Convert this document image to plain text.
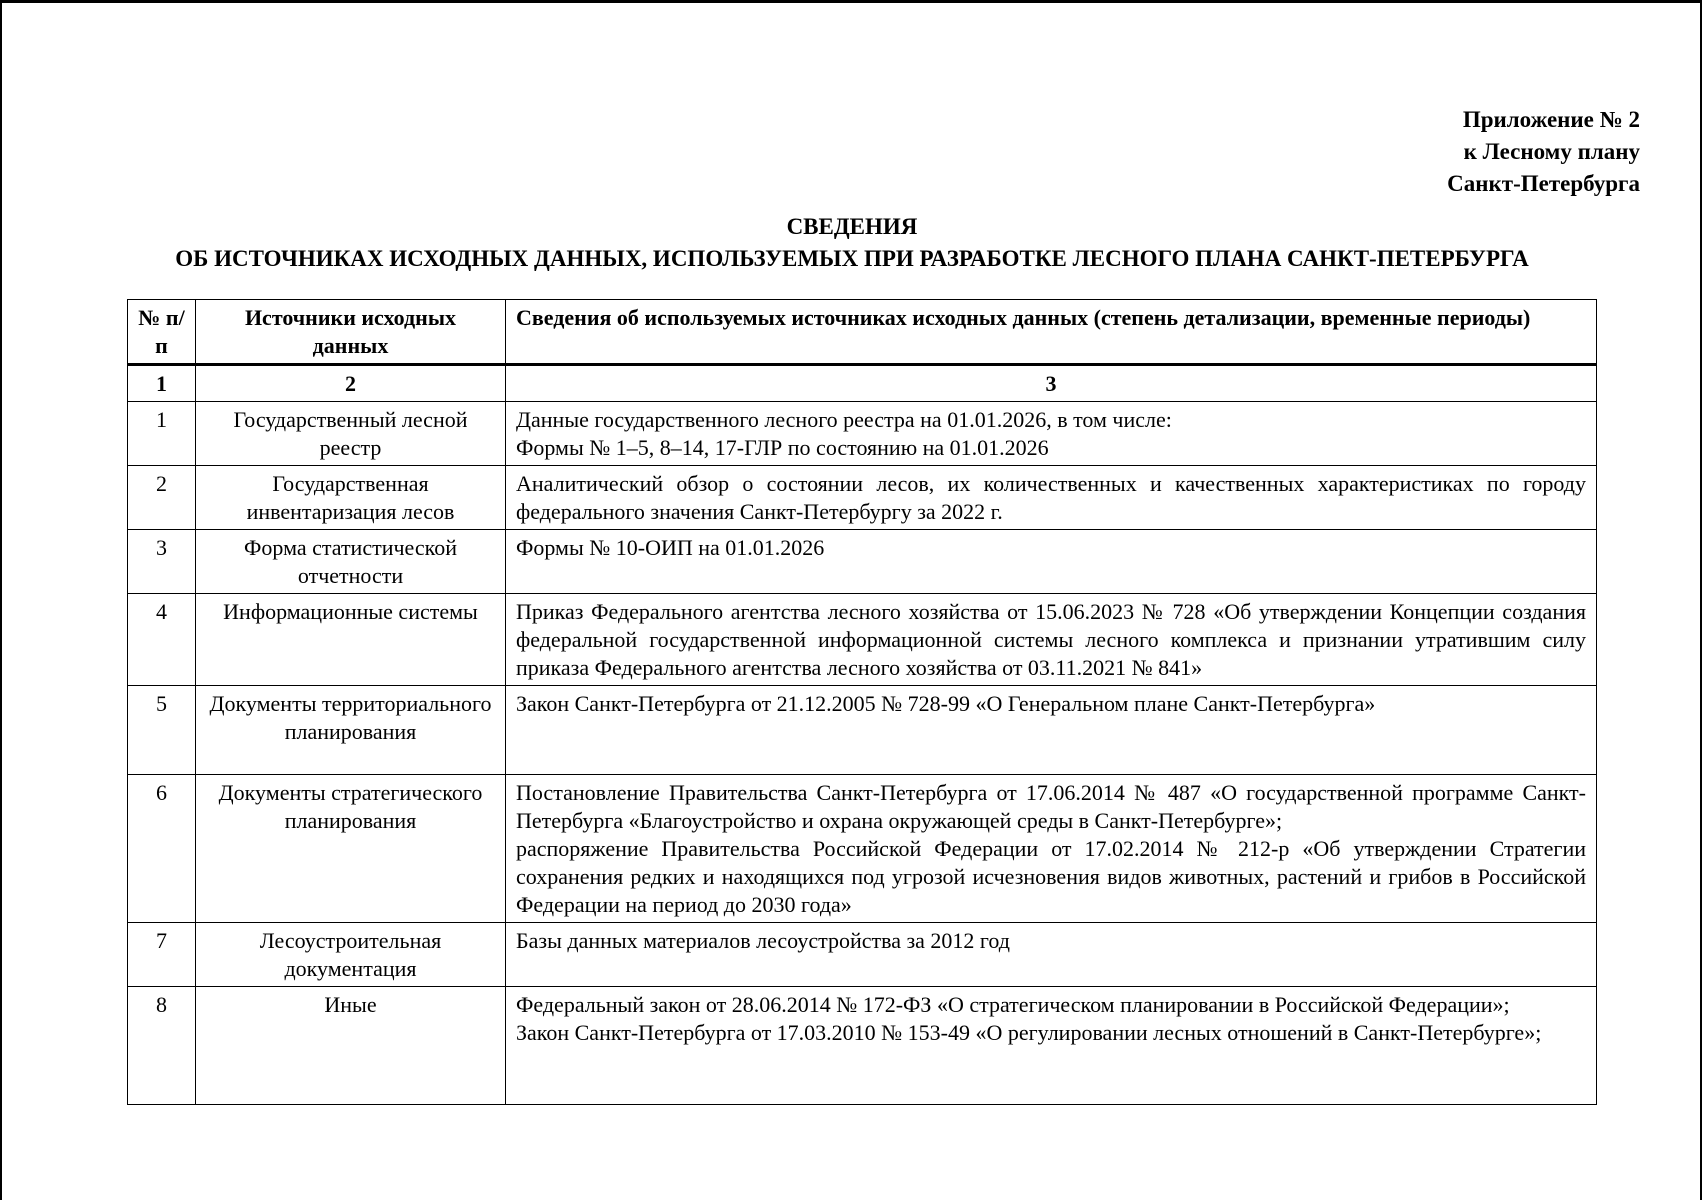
Приложение № 2
к Лесному плану
Санкт-Петербурга
СВЕДЕНИЯ
ОБ ИСТОЧНИКАХ ИСХОДНЫХ ДАННЫХ, ИСПОЛЬЗУЕМЫХ ПРИ РАЗРАБОТКЕ ЛЕСНОГО ПЛАНА САНКТ-ПЕТЕРБУРГА
№ п/п	Источники исходных данных	Сведения об используемых источниках исходных данных (степень детализации, временные периоды)
1	2	3
1	Государственный лесной реестр	Данные государственного лесного реестра на 01.01.2026, в том числе:
Формы № 1–5, 8–14, 17-ГЛР по состоянию на 01.01.2026

2	Государственная инвентаризация лесов	Аналитический обзор о состоянии лесов, их количественных и качественных характеристиках по городу федерального значения Санкт-Петербургу за 2022 г.

3	Форма статистической отчетности	Формы № 10-ОИП на 01.01.2026

4	Информационные системы	Приказ Федерального агентства лесного хозяйства от 15.06.2023 № 728 «Об утверждении Концепции создания федеральной государственной информационной системы лесного комплекса и признании утратившим силу приказа Федерального агентства лесного хозяйства от 03.11.2021 № 841»

5	Документы территориального планирования	Закон Санкт-Петербурга от 21.12.2005 № 728-99 «О Генеральном плане Санкт-Петербурга»

6	Документы стратегического планирования	Постановление Правительства Санкт-Петербурга от 17.06.2014 № 487 «О государственной программе Санкт-Петербурга «Благоустройство и охрана окружающей среды в Санкт-Петербурге»;
распоряжение Правительства Российской Федерации от 17.02.2014 № 212-р «Об утверждении Стратегии сохранения редких и находящихся под угрозой исчезновения видов животных, растений и грибов в Российской Федерации на период до 2030 года»

7	Лесоустроительная документация	Базы данных материалов лесоустройства за 2012 год

8	Иные	Федеральный закон от 28.06.2014 № 172-ФЗ «О стратегическом планировании в Российской Федерации»;
Закон Санкт-Петербурга от 17.03.2010 № 153-49 «О регулировании лесных отношений в Санкт-Петербурге»;
